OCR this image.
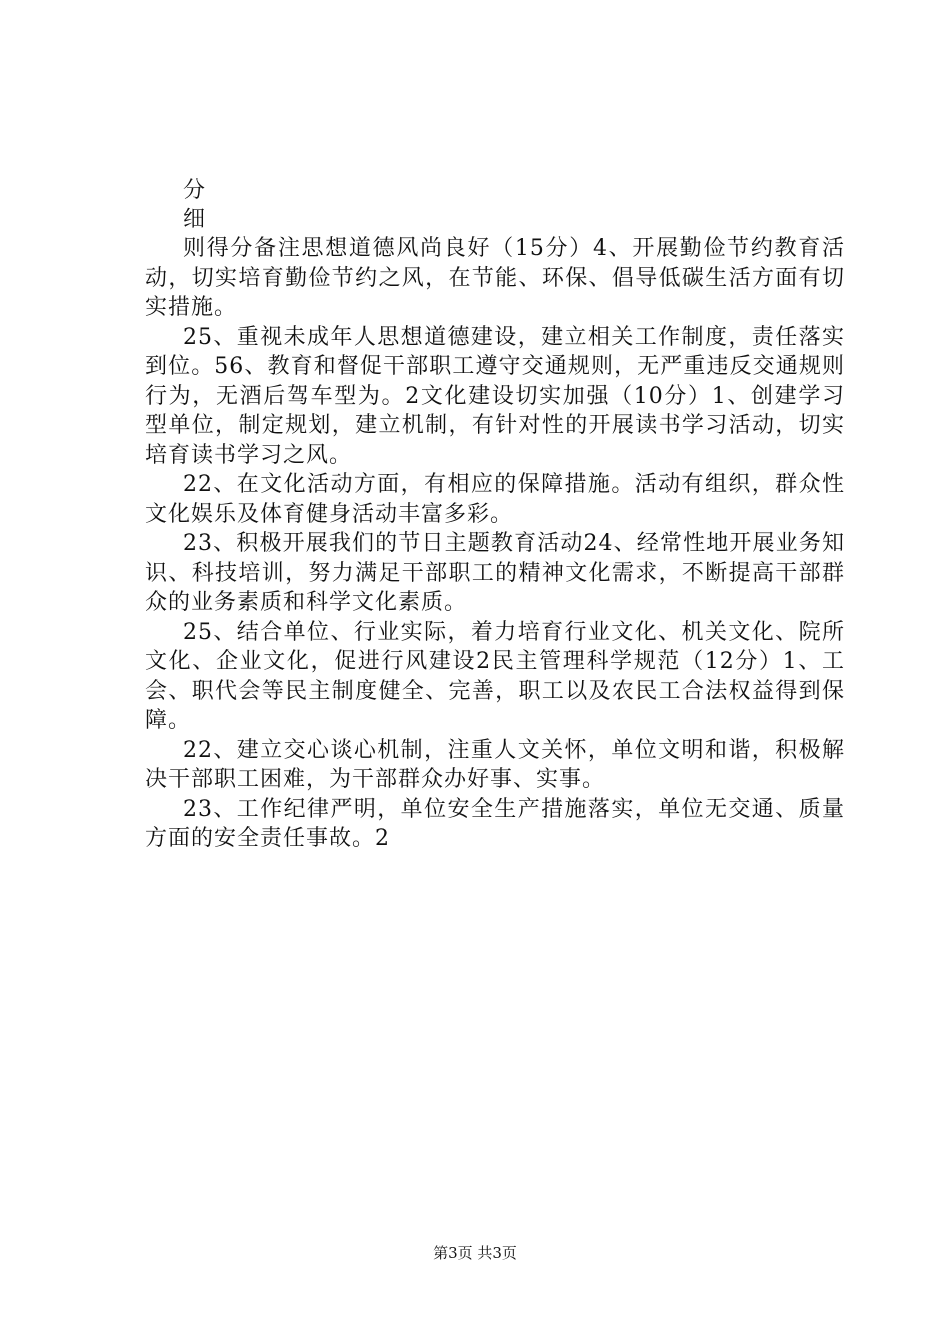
分

细

则得分备注思想道德风尚良好（15分）4、开展勤俭节约教育活动，切实培育勤俭节约之风，在节能、环保、倡导低碳生活方面有切实措施。

25、重视未成年人思想道德建设，建立相关工作制度，责任落实到位。56、教育和督促干部职工遵守交通规则，无严重违反交通规则行为，无酒后驾车型为。2文化建设切实加强（10分）1、创建学习型单位，制定规划，建立机制，有针对性的开展读书学习活动，切实培育读书学习之风。

22、在文化活动方面，有相应的保障措施。活动有组织，群众性文化娱乐及体育健身活动丰富多彩。

23、积极开展我们的节日主题教育活动24、经常性地开展业务知识、科技培训，努力满足干部职工的精神文化需求，不断提高干部群众的业务素质和科学文化素质。

25、结合单位、行业实际，着力培育行业文化、机关文化、院所文化、企业文化，促进行风建设2民主管理科学规范（12分）1、工会、职代会等民主制度健全、完善，职工以及农民工合法权益得到保障。

22、建立交心谈心机制，注重人文关怀，单位文明和谐，积极解决干部职工困难，为干部群众办好事、实事。

23、工作纪律严明，单位安全生产措施落实，单位无交通、质量方面的安全责任事故。2

第3页 共3页
